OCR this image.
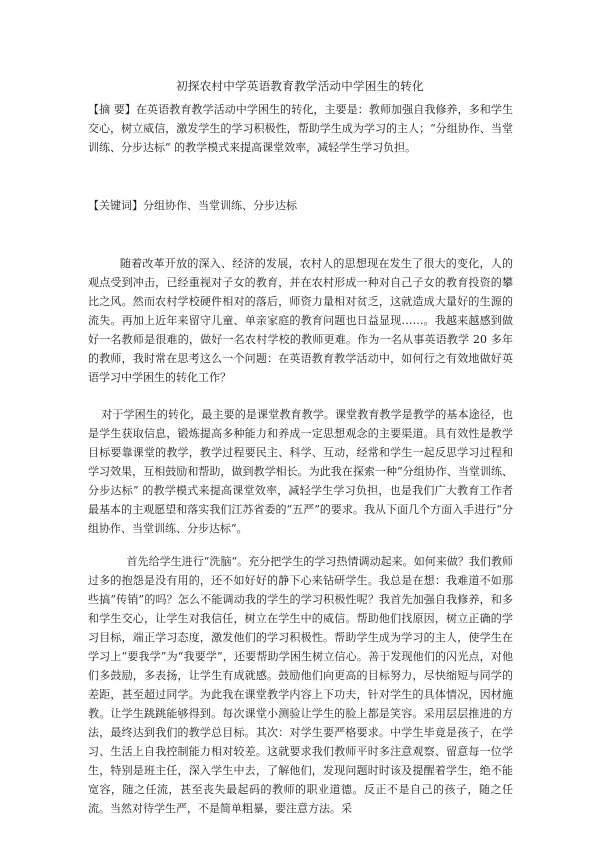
初探农村中学英语教育教学活动中学困生的转化
【摘 要】在英语教育教学活动中学困生的转化，主要是：教师加强自我修养，多和学生交心，树立威信，激发学生的学习积极性，帮助学生成为学习的主人；“分组协作、当堂训练、分步达标” 的教学模式来提高课堂效率，减轻学生学习负担。
【关键词】分组协作、当堂训练、分步达标
随着改革开放的深入、经济的发展，农村人的思想现在发生了很大的变化，人的观点受到冲击，已经重视对子女的教育，并在农村形成一种对自己子女的教育投资的攀比之风。然而农村学校硬件相对的落后，师资力量相对贫乏，这就造成大量好的生源的流失。再加上近年来留守儿童、单亲家庭的教育问题也日益显现……。我越来越感到做好一名教师是很难的，做好一名农村学校的教师更难。作为一名从事英语教学 20 多年的教师，我时常在思考这么一个问题：在英语教育教学活动中，如何行之有效地做好英语学习中学困生的转化工作？
对于学困生的转化，最主要的是课堂教育教学。课堂教育教学是教学的基本途径，也是学生获取信息，锻炼提高多种能力和养成一定思想观念的主要渠道。具有效性是教学目标要靠课堂的教学，教学过程要民主、科学、互动，经常和学生一起反思学习过程和学习效果，互相鼓励和帮助，做到教学相长。为此我在探索一种“分组协作、当堂训练、分步达标” 的教学模式来提高课堂效率，减轻学生学习负担，也是我们广大教育工作者最基本的主观愿望和落实我们江苏省委的“五严”的要求。我从下面几个方面入手进行“分组协作、当堂训练、分步达标”。
首先给学生进行“洗脑“。充分把学生的学习热情调动起来。如何来做？我们教师过多的抱怨是没有用的，还不如好好的静下心来钻研学生。我总是在想：我难道不如那些搞“传销”的吗？怎么不能调动我的学生的学习积极性呢？我首先加强自我修养，和多和学生交心，让学生对我信任，树立在学生中的威信。帮助他们找原因，树立正确的学习目标，端正学习态度，激发他们的学习积极性。帮助学生成为学习的主人，使学生在学习上“要我学”为“我要学”，还要帮助学困生树立信心。善于发现他们的闪光点，对他们多鼓励，多表扬，让学生有成就感。鼓励他们向更高的目标努力，尽快缩短与同学的差距，甚至超过同学。为此我在课堂教学内容上下功夫，针对学生的具体情况，因材施教。让学生跳跳能够得到。每次课堂小测验让学生的脸上都是笑容。采用层层推进的方法，最终达到我们的教学总目标。其次：对学生要严格要求。中学生毕竟是孩子，在学习、生活上自我控制能力相对较差。这就要求我们教师平时多注意观察、留意每一位学生，特别是班主任，深入学生中去，了解他们，发现问题时时该及提醒着学生，绝不能宽容，随之任流，甚至丧失最起码的教师的职业道德。反正不是自己的孩子，随之任流。当然对待学生严，不是简单粗暴，要注意方法。采
